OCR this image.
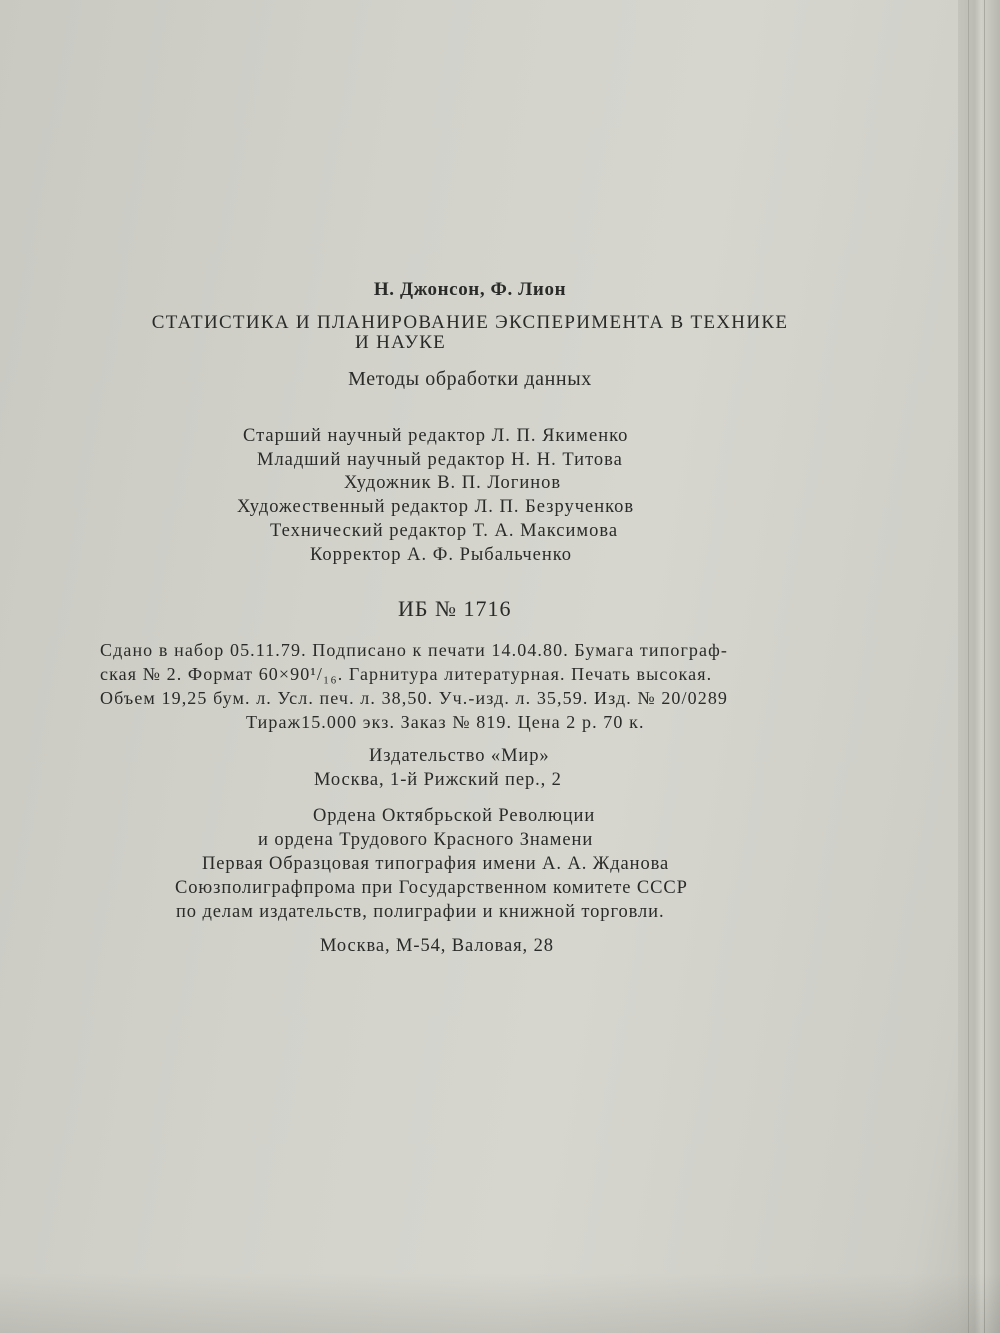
Н. Джонсон, Ф. Лион
СТАТИСТИКА И ПЛАНИРОВАНИЕ ЭКСПЕРИМЕНТА В ТЕХНИКЕ
И НАУКЕ
Методы обработки данных
Старший научный редактор Л. П. Якименко
Младший научный редактор Н. Н. Титова
Художник В. П. Логинов
Художественный редактор Л. П. Безрученков
Технический редактор Т. А. Максимова
Корректор А. Ф. Рыбальченко
ИБ № 1716
Сдано в набор 05.11.79. Подписано к печати 14.04.80. Бумага типограф-
ская № 2. Формат 60×90¹/₁₆. Гарнитура литературная. Печать высокая.
Объем 19,25 бум. л. Усл. печ. л. 38,50. Уч.-изд. л. 35,59. Изд. № 20/0289
Тираж15.000 экз. Заказ № 819. Цена 2 р. 70 к.
Издательство «Мир»
Москва, 1-й Рижский пер., 2
Ордена Октябрьской Революции
и ордена Трудового Красного Знамени
Первая Образцовая типография имени А. А. Жданова
Союзполиграфпрома при Государственном комитете СССР
по делам издательств, полиграфии и книжной торговли.
Москва, М-54, Валовая, 28
